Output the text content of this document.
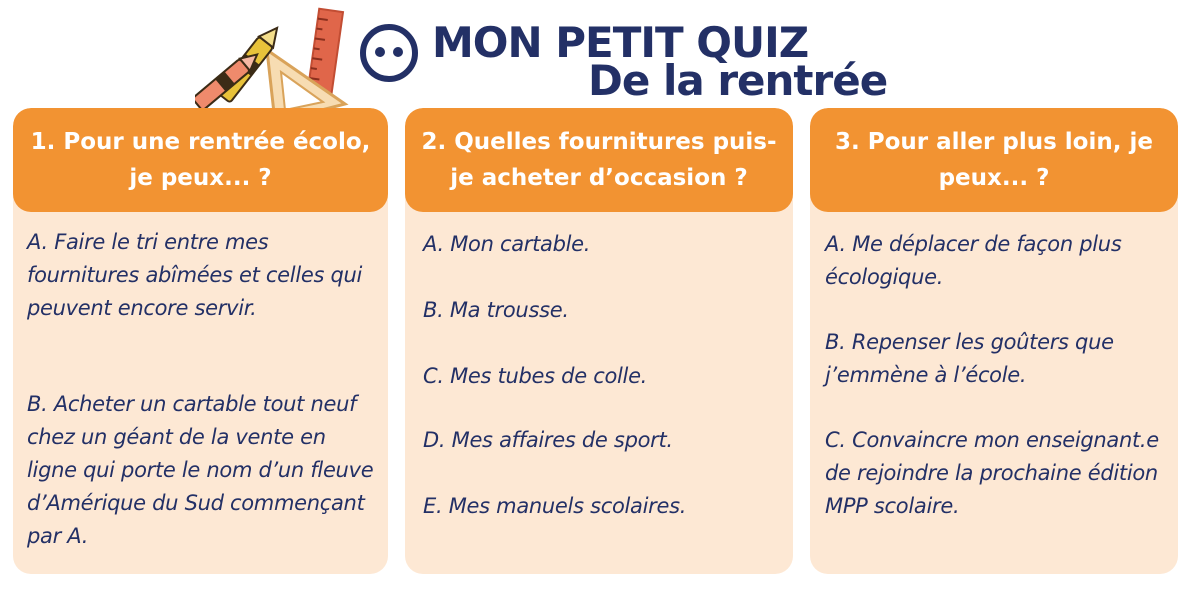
MON PETIT QUIZ
De la rentrée
1. Pour une rentrée écolo, je peux... ?
A. Faire le tri entre mes fournitures abîmées et celles qui peuvent encore servir.
B. Acheter un cartable tout neuf chez un géant de la vente en ligne qui porte le nom d’un fleuve d’Amérique du Sud commençant par A.
2. Quelles fournitures puis-je acheter d’occasion ?
A. Mon cartable.
B. Ma trousse.
C. Mes tubes de colle.
D. Mes affaires de sport.
E. Mes manuels scolaires.
3. Pour aller plus loin, je peux... ?
A. Me déplacer de façon plus écologique.
B. Repenser les goûters que j’emmène à l’école.
C. Convaincre mon enseignant.e de rejoindre la prochaine édition MPP scolaire.
